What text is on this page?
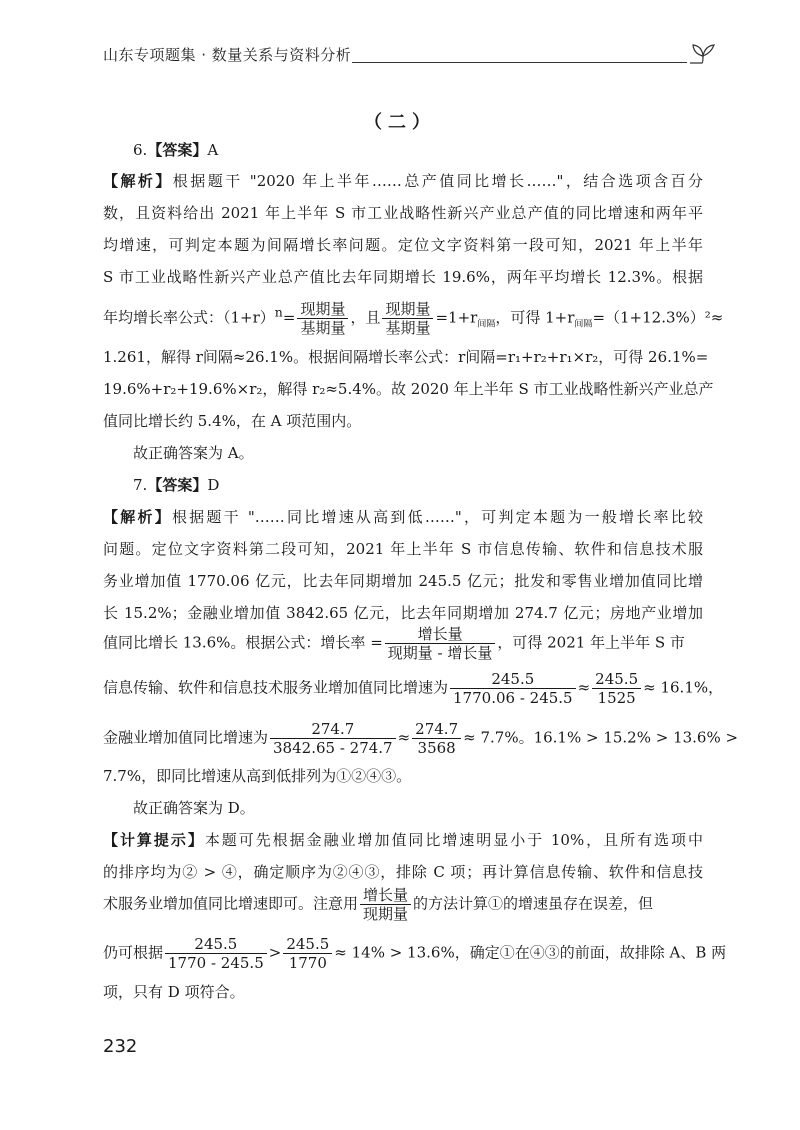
山东专项题集 · 数量关系与资料分析
（二）
6.【答案】A
【解析】根据题干 "2020 年上半年……总产值同比增长……"，结合选项含百分
数，且资料给出 2021 年上半年 S 市工业战略性新兴产业总产值的同比增速和两年平
均增速，可判定本题为间隔增长率问题。定位文字资料第一段可知，2021 年上半年
S 市工业战略性新兴产业总产值比去年同期增长 19.6%，两年平均增长 12.3%。根据
年均增长率公式：$(1+r)^n= \frac{\text{现期量}}{\text{基期量}}$ ，且 $\frac{\text{现期量}}{\text{基期量}} =1+r_{间隔}$，可得 $1+r_{间隔}=(1+12.3\%)^2\approx$
1.261，解得 r间隔≈26.1%。根据间隔增长率公式：r间隔=r₁+r₂+r₁×r₂，可得 26.1%=
19.6%+r₂+19.6%×r₂，解得 r₂≈5.4%。故 2020 年上半年 S 市工业战略性新兴产业总产
值同比增长约 5.4%，在 A 项范围内。
故正确答案为 A。
7.【答案】D
【解析】根据题干 "……同比增速从高到低……"，可判定本题为一般增长率比较
问题。定位文字资料第二段可知，2021 年上半年 S 市信息传输、软件和信息技术服
务业增加值 1770.06 亿元，比去年同期增加 245.5 亿元；批发和零售业增加值同比增
长 15.2%；金融业增加值 3842.65 亿元，比去年同期增加 274.7 亿元；房地产业增加
值同比增长 13.6%。根据公式：增长率 = $\frac{\text{增长量}}{\text{现期量 - 增长量}}$ ，可得 2021 年上半年 S 市
信息传输、软件和信息技术服务业增加值同比增速为 $\frac{245.5}{1770.06 - 245.5} \approx \frac{245.5}{1525} \approx 16.1\%$，
金融业增加值同比增速为 $\frac{274.7}{3842.65 - 274.7} \approx \frac{274.7}{3568} \approx 7.7\%$。16.1% > 15.2% > 13.6% >
7.7%，即同比增速从高到低排列为①②④③。
故正确答案为 D。
【计算提示】本题可先根据金融业增加值同比增速明显小于 10%，且所有选项中
的排序均为② > ④，确定顺序为②④③，排除 C 项；再计算信息传输、软件和信息技
术服务业增加值同比增速即可。注意用 $\frac{\text{增长量}}{\text{现期量}}$ 的方法计算①的增速虽存在误差，但
仍可根据 $\frac{245.5}{1770 - 245.5} > \frac{245.5}{1770} \approx 14\% > 13.6\%$，确定①在④③的前面，故排除 A、B 两
项，只有 D 项符合。
232
